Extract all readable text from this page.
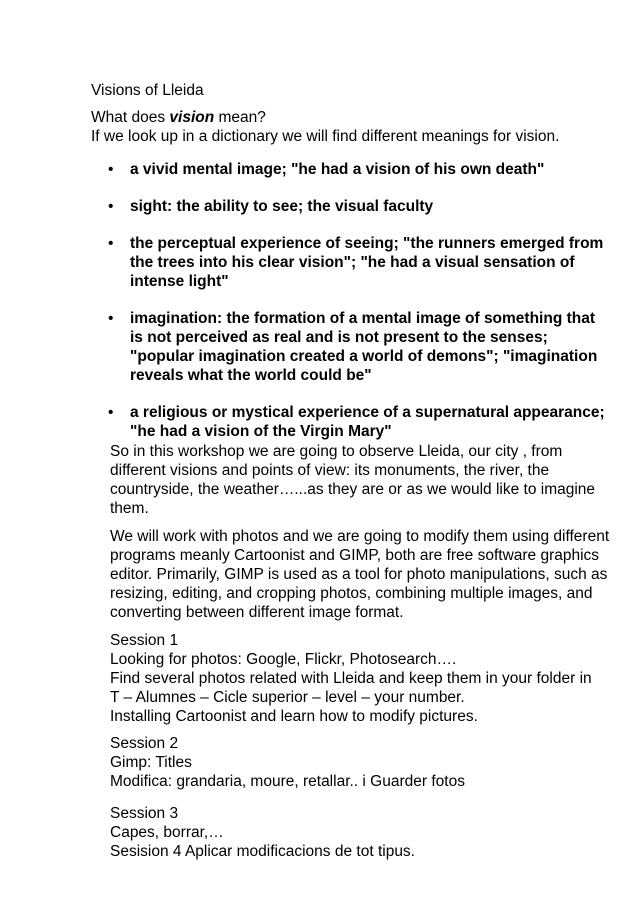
Visions of Lleida
What does vision mean?
If we look up in a dictionary we will find different meanings for vision.
• a vivid mental image; "he had a vision of his own death"
• sight: the ability to see; the visual faculty
• the perceptual experience of seeing; "the runners emerged from
the trees into his clear vision"; "he had a visual sensation of
intense light"
• imagination: the formation of a mental image of something that
is not perceived as real and is not present to the senses;
"popular imagination created a world of demons"; "imagination
reveals what the world could be"
• a religious or mystical experience of a supernatural appearance;
"he had a vision of the Virgin Mary"
So in this workshop we are going to observe Lleida, our city , from
different visions and points of view: its monuments, the river, the
countryside, the weather…...as they are or as we would like to imagine
them.
We will work with photos and we are going to modify them using different
programs meanly Cartoonist and GIMP, both are free software graphics
editor. Primarily, GIMP is used as a tool for photo manipulations, such as
resizing, editing, and cropping photos, combining multiple images, and
converting between different image format.
Session 1
Looking for photos: Google, Flickr, Photosearch….
Find several photos related with Lleida and keep them in your folder in
T – Alumnes – Cicle superior – level – your number.
Installing Cartoonist and learn how to modify pictures.
Session 2
Gimp: Titles
Modifica: grandaria, moure, retallar.. i Guarder fotos
Session 3
Capes, borrar,…
Sesision 4 Aplicar modificacions de tot tipus.
